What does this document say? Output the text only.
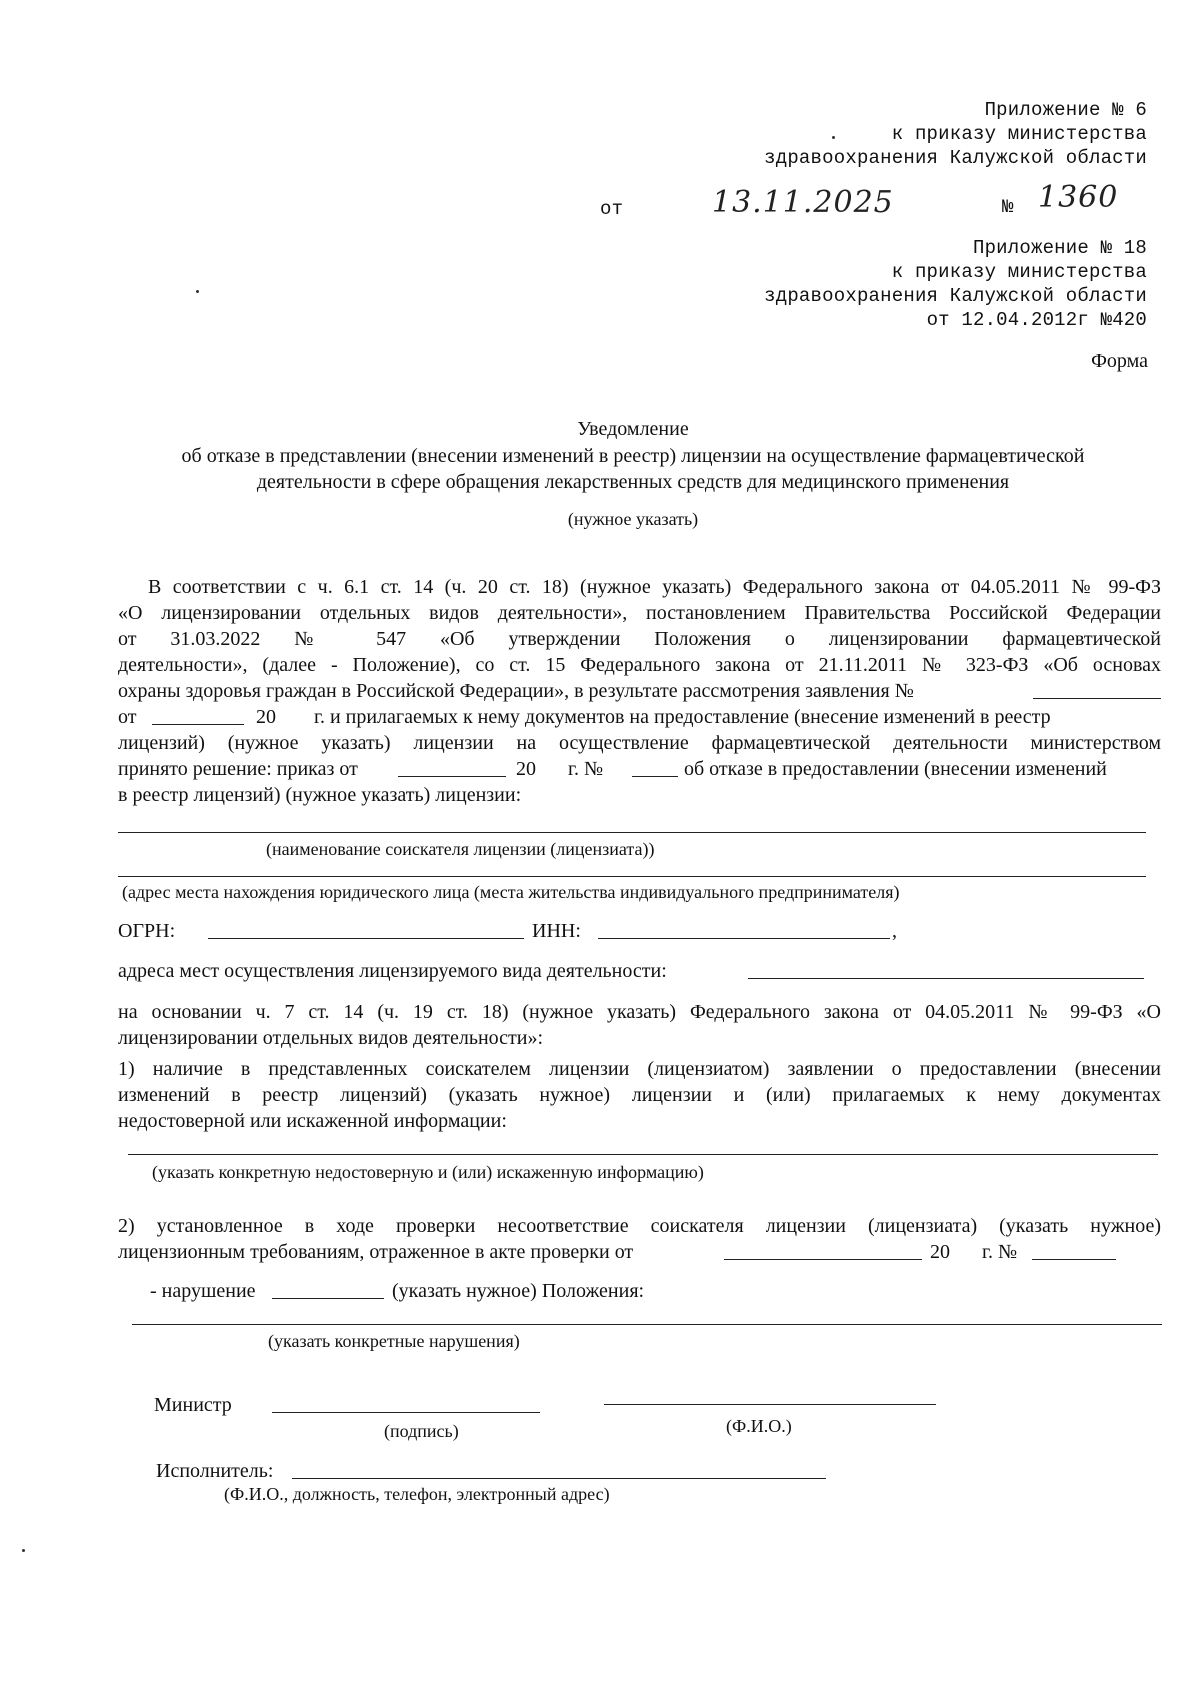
Приложение № 6
к приказу министерства
здравоохранения Калужской области
от	13.11.2025	№ 1360
Приложение № 18
к приказу министерства
здравоохранения Калужской области
от 12.04.2012г №420
Форма
Уведомление
об отказе в представлении (внесении изменений в реестр) лицензии на осуществление фармацевтической
деятельности в сфере обращения лекарственных средств для медицинского применения
(нужное указать)
В соответствии с ч. 6.1 ст. 14 (ч. 20 ст. 18) (нужное указать) Федерального закона от 04.05.2011 № 99-ФЗ
«О лицензировании отдельных видов деятельности», постановлением Правительства Российской Федерации
от 31.03.2022 № 547 «Об утверждении Положения о лицензировании фармацевтической
деятельности», (далее - Положение), со ст. 15 Федерального закона от 21.11.2011 № 323-ФЗ «Об основах
охраны здоровья граждан в Российской Федерации», в результате рассмотрения заявления №
от	20 г. и прилагаемых к нему документов на предоставление (внесение изменений в реестр
лицензий) (нужное указать) лицензии на осуществление фармацевтической деятельности министерством
принято решение: приказ от	20 г. №	об отказе в предоставлении (внесении изменений
в реестр лицензий) (нужное указать) лицензии:
(наименование соискателя лицензии (лицензиата))
(адрес места нахождения юридического лица (места жительства индивидуального предпринимателя)
ОГРН:	ИНН:	,
адреса мест осуществления лицензируемого вида деятельности:
на основании ч. 7 ст. 14 (ч. 19 ст. 18) (нужное указать) Федерального закона от 04.05.2011 № 99-ФЗ «О
лицензировании отдельных видов деятельности»:
1) наличие в представленных соискателем лицензии (лицензиатом) заявлении о предоставлении (внесении
изменений в реестр лицензий) (указать нужное) лицензии и (или) прилагаемых к нему документах
недостоверной или искаженной информации:
(указать конкретную недостоверную и (или) искаженную информацию)
2) установленное в ходе проверки несоответствие соискателя лицензии (лицензиата) (указать нужное)
лицензионным требованиям, отраженное в акте проверки от	20 г. №
- нарушение	(указать нужное) Положения:
(указать конкретные нарушения)
Министр
(подпись)	(Ф.И.О.)
Исполнитель:
(Ф.И.О., должность, телефон, электронный адрес)
